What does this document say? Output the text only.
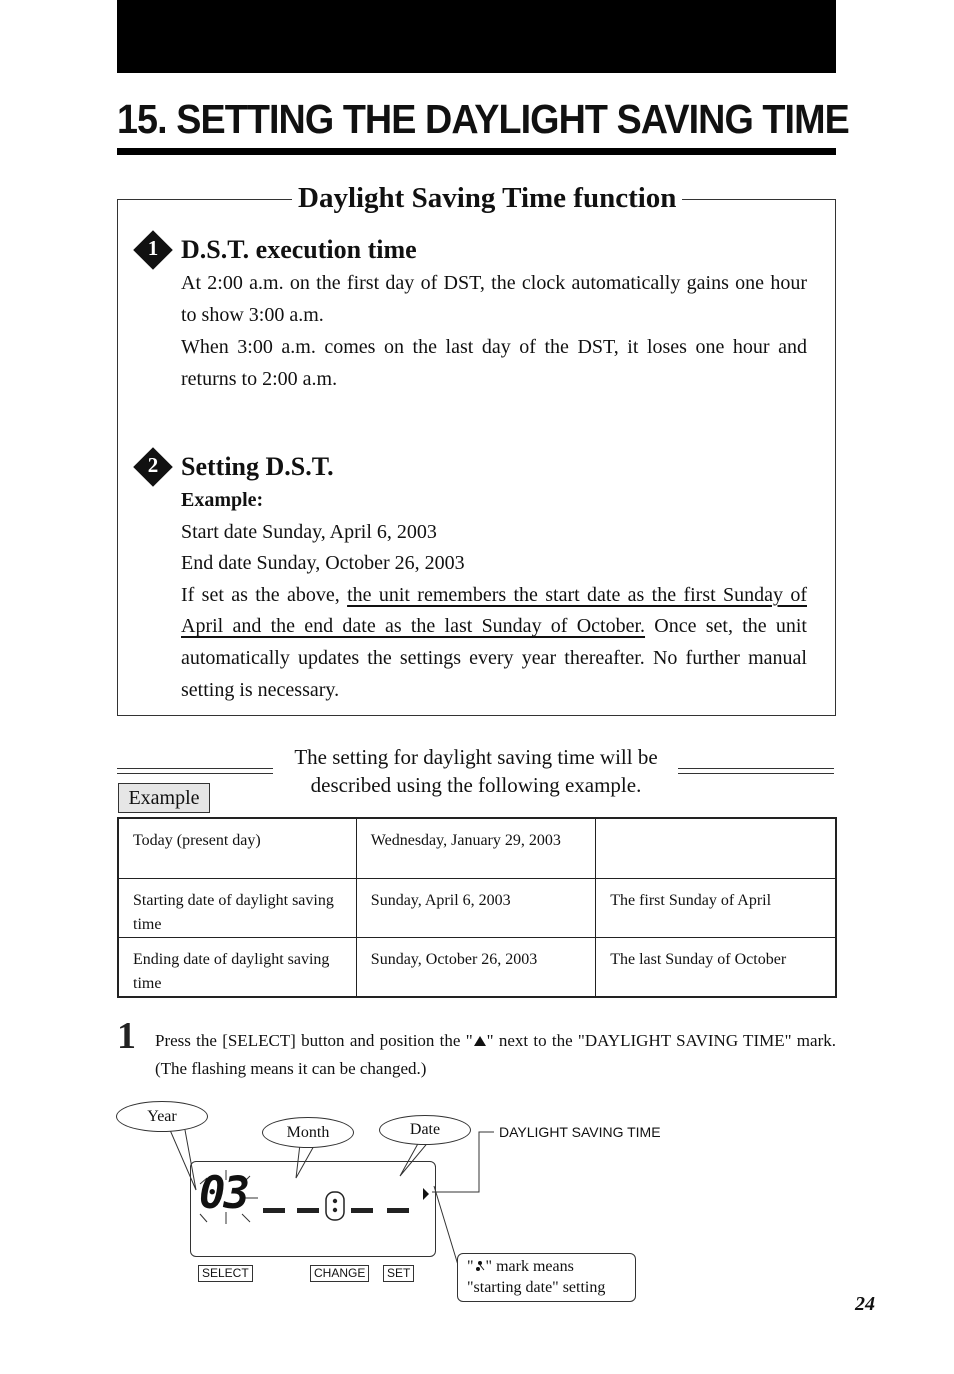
15. SETTING THE DAYLIGHT SAVING TIME
Daylight Saving Time function
1 D.S.T. execution time

At 2:00 a.m. on the first day of DST, the clock automatically gains one hour to show 3:00 a.m.

When 3:00 a.m. comes on the last day of the DST, it loses one hour and returns to 2:00 a.m.

2 Setting D.S.T.

Example:

Start date Sunday, April 6, 2003

End date Sunday, October 26, 2003

If set as the above, the unit remembers the start date as the first Sunday of April and the end date as the last Sunday of October. Once set, the unit automatically updates the settings every year thereafter. No further manual setting is necessary.

The setting for daylight saving time will be described using the following example.
Example
Today (present day)	Wednesday, January 29, 2003	
Starting date of daylight saving time	Sunday, April 6, 2003	The first Sunday of April
Ending date of daylight saving time	Sunday, October 26, 2003	The last Sunday of October
1 Press the [SELECT] button and position the " " next to the "DAYLIGHT SAVING TIME" mark. (The flashing means it can be changed.)
Year
Month	Date	DAYLIGHT SAVING TIME
03
SELECT	CHANGE	SET	" " mark means
"starting date" setting
24
